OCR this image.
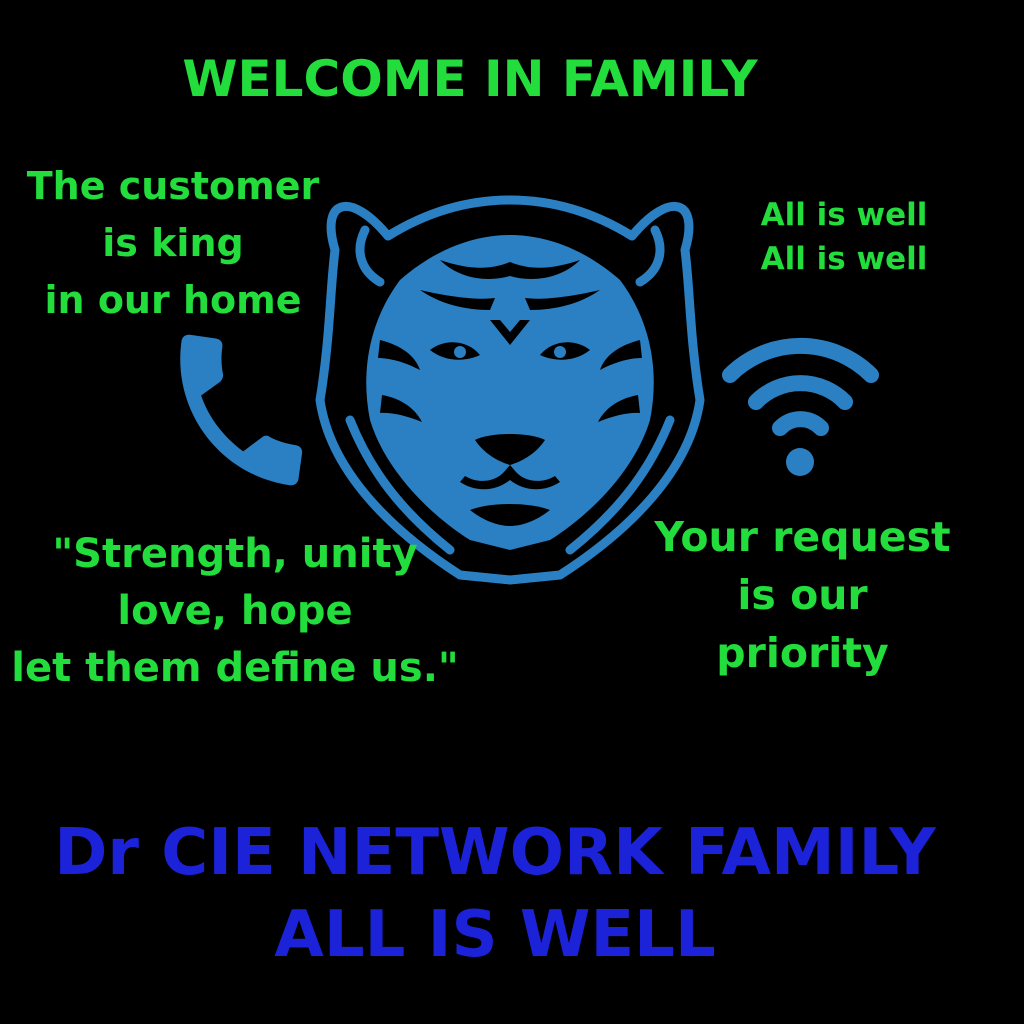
WELCOME IN FAMILY
The customer
is king
in our home
All is well
All is well
"Strength, unity
love, hope
let them define us."
Your request
is our
priority
Dr CIE NETWORK FAMILY
ALL IS WELL
